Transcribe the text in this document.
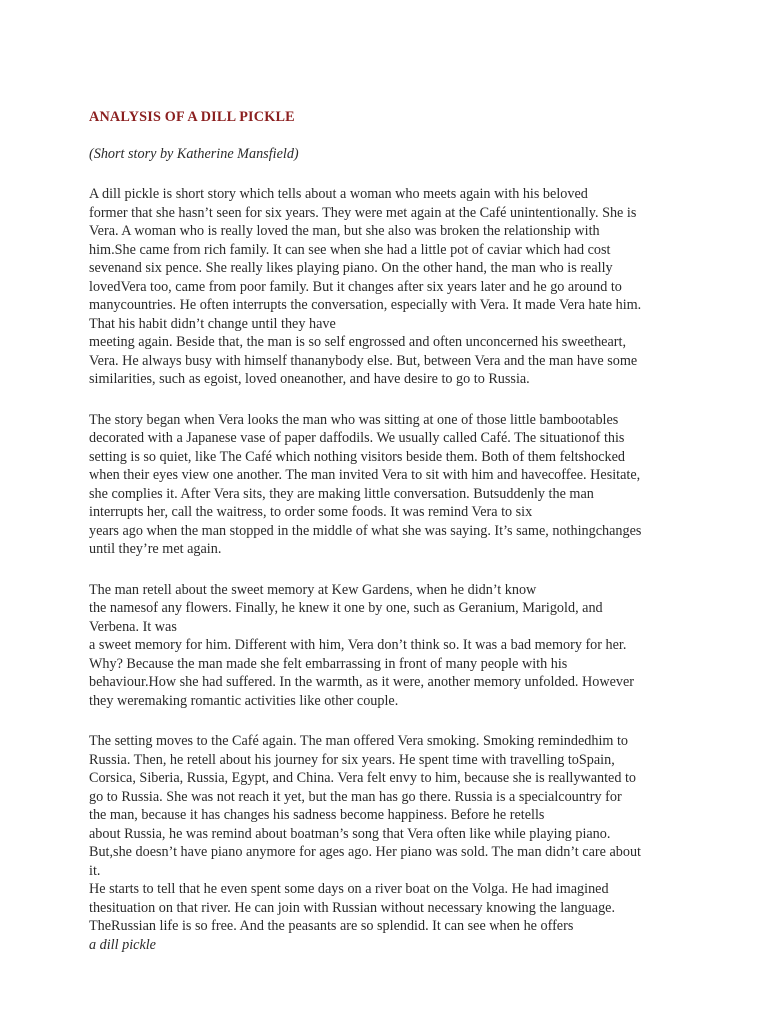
ANALYSIS OF A DILL PICKLE

(Short story by Katherine Mansfield)

A dill pickle is short story which tells about a woman who meets again with his beloved
former that she hasn’t seen for six years. They were met again at the Café unintentionally. She is
Vera. A woman who is really loved the man, but she also was broken the relationship with
him.She came from rich family. It can see when she had a little pot of caviar which had cost
sevenand six pence. She really likes playing piano. On the other hand, the man who is really
lovedVera too, came from poor family. But it changes after six years later and he go around to
manycountries. He often interrupts the conversation, especially with Vera. It made Vera hate him.
That his habit didn’t change until they have
meeting again. Beside that, the man is so self engrossed and often unconcerned his sweetheart,
Vera. He always busy with himself thananybody else. But, between Vera and the man have some
similarities, such as egoist, loved oneanother, and have desire to go to Russia.
The story began when Vera looks the man who was sitting at one of those little bambootables
decorated with a Japanese vase of paper daffodils. We usually called Café. The situationof this
setting is so quiet, like The Café which nothing visitors beside them. Both of them feltshocked
when their eyes view one another. The man invited Vera to sit with him and havecoffee. Hesitate,
she complies it. After Vera sits, they are making little conversation. Butsuddenly the man
interrupts her, call the waitress, to order some foods. It was remind Vera to six
years ago when the man stopped in the middle of what she was saying. It’s same, nothingchanges
until they’re met again.
The man retell about the sweet memory at Kew Gardens, when he didn’t know
the namesof any flowers. Finally, he knew it one by one, such as Geranium, Marigold, and
Verbena. It was
a sweet memory for him. Different with him, Vera don’t think so. It was a bad memory for her.
Why? Because the man made she felt embarrassing in front of many people with his
behaviour.How she had suffered. In the warmth, as it were, another memory unfolded. However
they weremaking romantic activities like other couple.
The setting moves to the Café again. The man offered Vera smoking. Smoking remindedhim to
Russia. Then, he retell about his journey for six years. He spent time with travelling toSpain,
Corsica, Siberia, Russia, Egypt, and China. Vera felt envy to him, because she is reallywanted to
go to Russia. She was not reach it yet, but the man has go there. Russia is a specialcountry for
the man, because it has changes his sadness become happiness. Before he retells
about Russia, he was remind about boatman’s song that Vera often like while playing piano.
But,she doesn’t have piano anymore for ages ago. Her piano was sold. The man didn’t care about
it.
He starts to tell that he even spent some days on a river boat on the Volga. He had imagined
thesituation on that river. He can join with Russian without necessary knowing the language.
TheRussian life is so free. And the peasants are so splendid. It can see when he offers
a dill pickle
